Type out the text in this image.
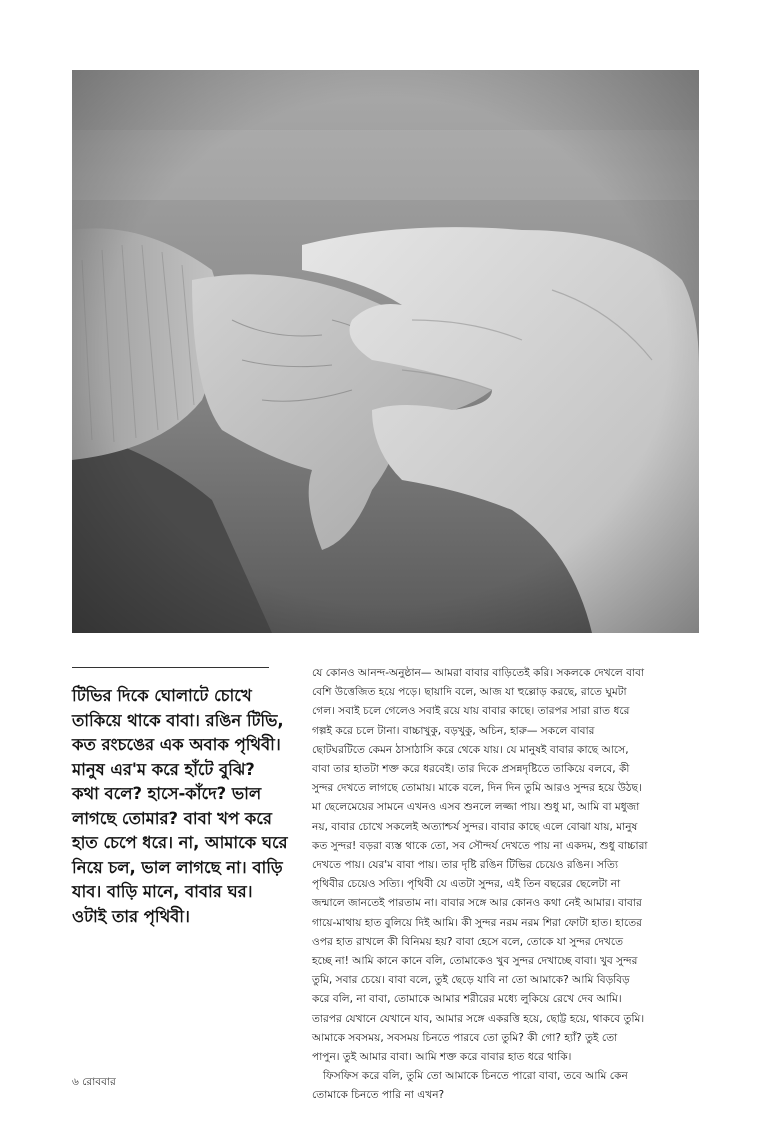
টিভির দিকে ঘোলাটে চোখে
তাকিয়ে থাকে বাবা। রঙিন টিভি,
কত রংচঙের এক অবাক পৃথিবী।
মানুষ এর'ম করে হাঁটে বুঝি?
কথা বলে? হাসে-কাঁদে? ভাল
লাগছে তোমার? বাবা খপ করে
হাত চেপে ধরে। না, আমাকে ঘরে
নিয়ে চল, ভাল লাগছে না। বাড়ি
যাব। বাড়ি মানে, বাবার ঘর।
ওটাই তার পৃথিবী।
যে কোনও আনন্দ-অনুষ্ঠান— আমরা বাবার বাড়িতেই করি। সকলকে দেখলে বাবা
বেশি উত্তেজিত হয়ে পড়ে। ছায়াদি বলে, আজ যা হুল্লোড় করছে, রাতে ঘুমটা
গেল। সবাই চলে গেলেও সবাই রয়ে যায় বাবার কাছে। তারপর সারা রাত ধরে
গল্পই করে চলে টানা। বাচ্চাখুকু, বড়খুকু, অচিন, হারু— সকলে বাবার
ছোটঘরটিতে কেমন ঠাসাঠাসি করে থেকে যায়। যে মানুষই বাবার কাছে আসে,
বাবা তার হাতটা শক্ত করে ধরবেই। তার দিকে প্রসন্নদৃষ্টিতে তাকিয়ে বলবে, কী
সুন্দর দেখতে লাগছে তোমায়। মাকে বলে, দিন দিন তুমি আরও সুন্দর হয়ে উঠছ।
মা ছেলেমেয়ের সামনে এখনও এসব শুনলে লজ্জা পায়। শুধু মা, আমি বা মধুজা
নয়, বাবার চোখে সকলেই অত্যাশ্চর্য সুন্দর। বাবার কাছে এলে বোঝা যায়, মানুষ
কত সুন্দর! বড়রা ব্যস্ত থাকে তো, সব সৌন্দর্য দেখতে পায় না একদম, শুধু বাচ্চারা
দেখতে পায়। যের'ম বাবা পায়। তার দৃষ্টি রঙিন টিভির চেয়েও রঙিন। সত্যি
পৃথিবীর চেয়েও সত্যি। পৃথিবী যে এতটা সুন্দর, এই তিন বছরের ছেলেটা না
জন্মালে জানতেই পারতাম না। বাবার সঙ্গে আর কোনও কথা নেই আমার। বাবার
গায়ে-মাথায় হাত বুলিয়ে দিই আমি। কী সুন্দর নরম নরম শিরা ফোটা হাত। হাতের
ওপর হাত রাখলে কী বিনিময় হয়? বাবা হেসে বলে, তোকে যা সুন্দর দেখতে
হচ্ছে না! আমি কানে কানে বলি, তোমাকেও খুব সুন্দর দেখাচ্ছে বাবা। খুব সুন্দর
তুমি, সবার চেয়ে। বাবা বলে, তুই ছেড়ে যাবি না তো আমাকে? আমি বিড়বিড়
করে বলি, না বাবা, তোমাকে আমার শরীরের মধ্যে লুকিয়ে রেখে দেব আমি।
তারপর যেখানে যেখানে যাব, আমার সঙ্গে একরত্তি হয়ে, ছোট্ট হয়ে, থাকবে তুমি।
আমাকে সবসময়, সবসময় চিনতে পারবে তো তুমি? কী গো? হ্যাঁ? তুই তো
পাপুন। তুই আমার বাবা। আমি শক্ত করে বাবার হাত ধরে থাকি।
ফিসফিস করে বলি, তুমি তো আমাকে চিনতে পারো বাবা, তবে আমি কেন
তোমাকে চিনতে পারি না এখন?
৬ রোববার
